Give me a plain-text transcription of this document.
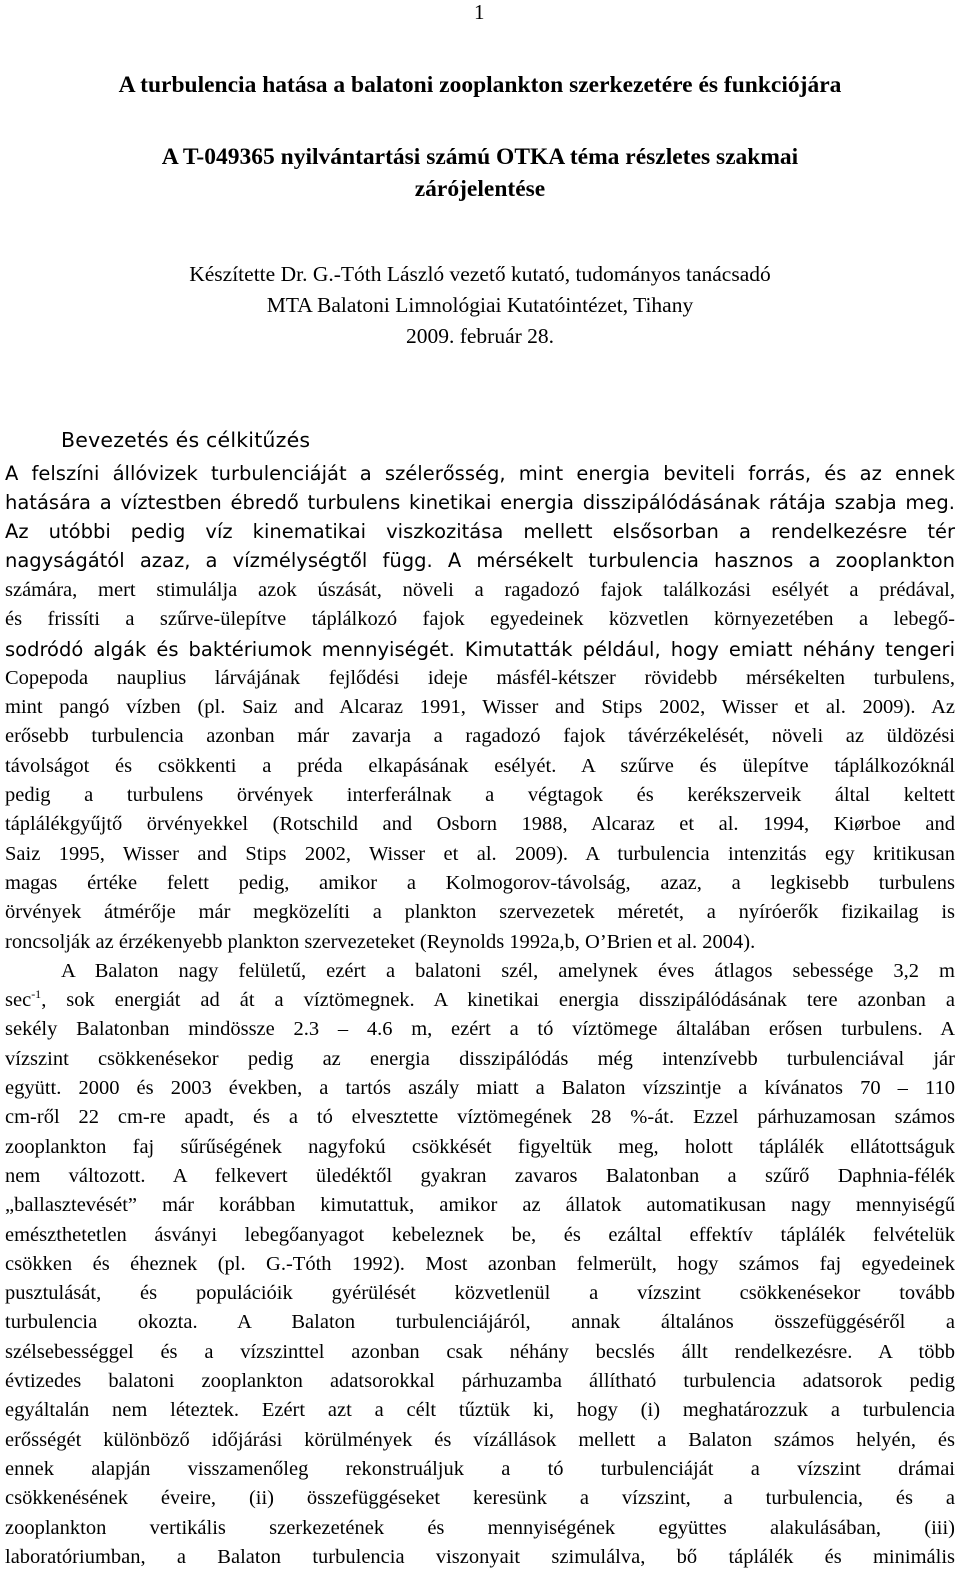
1
A turbulencia hatása a balatoni zooplankton szerkezetére és funkciójára
A T-049365 nyilvántartási számú OTKA téma részletes szakmai
zárójelentése
Készítette Dr. G.-Tóth László vezető kutató, tudományos tanácsadó
MTA Balatoni Limnológiai Kutatóintézet, Tihany
2009. február 28.
Bevezetés és célkitűzés

A felszíni állóvizek turbulenciáját a szélerősség, mint energia beviteli forrás, és az ennek

hatására a víztestben ébredő turbulens kinetikai energia disszipálódásának rátája szabja meg.

Az utóbbi pedig víz kinematikai viszkozitása mellett elsősorban a rendelkezésre tér

nagyságától azaz, a vízmélységtől függ. A mérsékelt turbulencia hasznos a zooplankton

számára, mert stimulálja azok úszását, növeli a ragadozó fajok találkozási esélyét a prédával,

és frissíti a szűrve-ülepítve táplálkozó fajok egyedeinek közvetlen környezetében a lebegő-

sodródó algák és baktériumok mennyiségét. Kimutatták például, hogy emiatt néhány tengeri

Copepoda nauplius lárvájának fejlődési ideje másfél-kétszer rövidebb mérsékelten turbulens,

mint pangó vízben (pl. Saiz and Alcaraz 1991, Wisser and Stips 2002, Wisser et al. 2009). Az

erősebb turbulencia azonban már zavarja a ragadozó fajok távérzékelését, növeli az üldözési

távolságot és csökkenti a préda elkapásának esélyét. A szűrve és ülepítve táplálkozóknál

pedig a turbulens örvények interferálnak a végtagok és kerékszerveik által keltett

táplálékgyűjtő örvényekkel (Rotschild and Osborn 1988, Alcaraz et al. 1994, Kiørboe and

Saiz 1995, Wisser and Stips 2002, Wisser et al. 2009). A turbulencia intenzitás egy kritikusan

magas értéke felett pedig, amikor a Kolmogorov-távolság, azaz, a legkisebb turbulens

örvények átmérője már megközelíti a plankton szervezetek méretét, a nyíróerők fizikailag is

roncsolják az érzékenyebb plankton szervezeteket (Reynolds 1992a,b, O’Brien et al. 2004).

A Balaton nagy felületű, ezért a balatoni szél, amelynek éves átlagos sebessége 3,2 m

$\sec^{-1}$, sok energiát ad át a víztömegnek. A kinetikai energia disszipálódásának tere azonban a

sekély Balatonban mindössze 2.3 – 4.6 m, ezért a tó víztömege általában erősen turbulens. A

vízszint csökkenésekor pedig az energia disszipálódás még intenzívebb turbulenciával jár

együtt. 2000 és 2003 években, a tartós aszály miatt a Balaton vízszintje a kívánatos 70 – 110

cm-ről 22 cm-re apadt, és a tó elvesztette víztömegének 28 %-át. Ezzel párhuzamosan számos

zooplankton faj sűrűségének nagyfokú csökkését figyeltük meg, holott táplálék ellátottságuk

nem változott. A felkevert üledéktől gyakran zavaros Balatonban a szűrő Daphnia-félék

„ballasztevését” már korábban kimutattuk, amikor az állatok automatikusan nagy mennyiségű

emészthetetlen ásványi lebegőanyagot kebeleznek be, és ezáltal effektív táplálék felvételük

csökken és éheznek (pl. G.-Tóth 1992). Most azonban felmerült, hogy számos faj egyedeinek

pusztulását, és populációik gyérülését közvetlenül a vízszint csökkenésekor tovább

turbulencia okozta. A Balaton turbulenciájáról, annak általános összefüggéséről a

szélsebességgel és a vízszinttel azonban csak néhány becslés állt rendelkezésre. A több

évtizedes balatoni zooplankton adatsorokkal párhuzamba állítható turbulencia adatsorok pedig

egyáltalán nem léteztek. Ezért azt a célt tűztük ki, hogy (i) meghatározzuk a turbulencia

erősségét különböző időjárási körülmények és vízállások mellett a Balaton számos helyén, és

ennek alapján visszamenőleg rekonstruáljuk a tó turbulenciáját a vízszint drámai

csökkenésének éveire, (ii) összefüggéseket keresünk a vízszint, a turbulencia, és a

zooplankton vertikális szerkezetének és mennyiségének együttes alakulásában, (iii)

laboratóriumban, a Balaton turbulencia viszonyait szimulálva, bő táplálék és minimális
